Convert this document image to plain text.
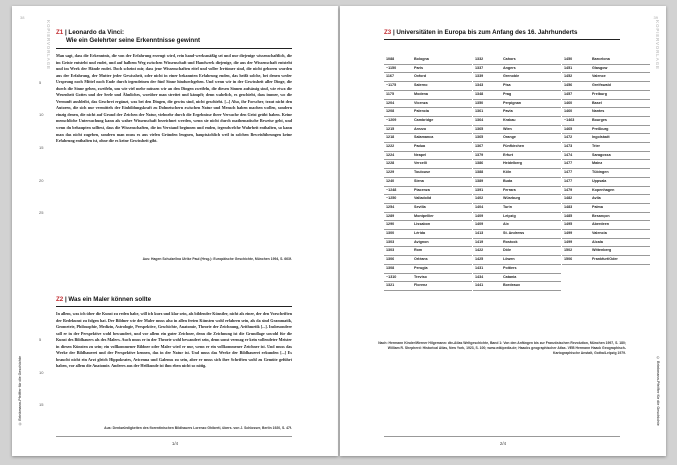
38
KOPIERVORLAGE
© Brinkmann-Pfeiffer für die Geschichte
Z1 | Leonardo da Vinci:
Wie ein Gelehrter seine Erkenntnisse gewinnt

Man sagt, dass die Erkenntnis, die von der Erfahrung erzeugt wird, rein hand-werksmäßig sei und nur diejenige wissenschaftlich, die im Geiste entsteht und endet, und auf halbem Weg zwischen Wissenschaft und Handwerk diejenige, die aus der Wissenschaft entsteht und im Werk der Hände endet. Doch scheint mir, dass jene Wissenschaften eitel und voller Irrtümer sind, die nicht geboren wurden aus der Erfahrung, der Mutter jeder Gewissheit, oder nicht in einer bekannten Erfahrung enden, das heißt solche, bei denen weder Ursprung noch Mittel noch Ende durch irgendeinen der fünf Sinne hindurchgehen. Und wenn wir in der Gewissheit aller Dinge, die durch die Sinne gehen, zweifeln, um wie viel mehr müssen wir an den Dingen zweifeln, die diesen Sinnen aufsässig sind, wie etwa die Wesenheit Gottes und der Seele und Ähnliches, worüber man streitet und kämpft; denn wahrlich, es geschieht, dass immer, wo die Vernunft ausbleibt, das Geschrei ergänzt, was bei den Dingen, die gewiss sind, nicht geschieht. [...] Also, ihr Forscher, traut nicht den Autoren, die sich nur vermittels der Einbildungskraft zu Dolmetschern zwischen Natur und Mensch haben machen wollen, sondern einzig denen, die nicht auf Grund der Zeichen der Natur, vielmehr durch die Ergebnisse ihrer Versuche den Geist geübt haben. Keine menschliche Untersuchung kann als wahre Wissenschaft bezeichnet werden, wenn sie nicht durch mathematische Beweise geht, und wenn du behaupten solltest, dass die Wissenschaften, die im Verstand beginnen und enden, irgendwelche Wahrheit enthalten, so kann man das nicht zugeben, sondern man muss es aus vielen Gründen leugnen, hauptsächlich weil in solchen Beweisführungen keine Erfahrung enthalten ist, ohne die es keine Gewissheit gibt.

5
10
15
20
25
Aus: Hagen Schulze/Ina Ulrike Paul (Hrsg.): Europäische Geschichte, München 1994, S. 663f.
Z2 | Was ein Maler können sollte

In allem, was ich über die Kunst zu reden habe, will ich kurz und klar sein, als bildender Künstler, nicht als einer, der den Vorschriften der Redekunst zu folgen hat. Der Bildner wie der Maler muss also in allen freien Künsten wohl erfahren sein, als da sind Grammatik, Geometrie, Philosophie, Medizin, Astrologie, Perspektive, Geschichte, Anatomie, Theorie der Zeichnung, Arithmetik [...]. Insbesondere soll er in der Perspektive wohl bewandert, und vor allem ein guter Zeichner, denn die Zeichnung ist die Grundlage sowohl für die Kunst des Bildhauers als des Malers. Auch muss er in der Theorie wohl bewandert sein, denn sonst vermag er kein vollendeter Meister in diesen Künsten zu sein; ein vollkommener Bildner oder Maler wird er nur, wenn er ein vollkommener Zeichner ist. Und muss das Werke der Bildhauerei und der Perspektive kennen, das in der Natur ist. Und muss das Werke der Bildhauerei erkunden [...] Es braucht nicht ein Arzt gleich Hippokrates, Avicenna und Galenus zu sein, aber er muss sich ihre Schriften wohl zu Gemüte geführt haben, vor allem die Anatomie. Anderes aus der Heilkunde ist ihm eben nicht so nötig.

5
10
15
Aus: Denkwürdigkeiten des florentinischen Bildhauers Lorenzo Ghiberti, übers. von J. Schlosser, Berlin 1920, S. 47f.
1/4
39
KOPIERVORLAGE
© Brinkmann-Pfeiffer für die Geschichte
Z3 | Universitäten in Europa bis zum Anfang des 16. Jahrhunderts
1088	Bologna
~1150	Paris
1167	Oxford
~1175	Salerno
1175	Modena
1204	Vicenza
1208	Palencia
~1209	Cambridge
1215	Arezzo
1218	Salamanca
1222	Padua
1224	Neapel
1228	Vercelli
1229	Toulouse
1240	Siena
~1248	Piacenza
~1250	Valladolid
1254	Sevilla
1289	Montpellier
1290	Lissabon
1300	Lérida
1303	Avignon
1303	Rom
1306	Orléans
1308	Perugia
~1310	Treviso
1321	Florenz
1332	Cahors
1337	Angers
1339	Grenoble
1343	Pisa
1348	Prag
1350	Perpignan
1361	Pavia
1364	Krakau
1365	Wien
1365	Orange
1367	Fünfkirchen
1379	Erfurt
1386	Heidelberg
1388	Köln
1389	Buda
1391	Ferrara
1402	Würzburg
1404	Turin
1409	Leipzig
1409	Aix
1413	St. Andrews
1419	Rostock
1422	Dôle
1425	Löwen
1431	Poitiers
1434	Catania
1441	Bordeaux
1450	Barcelona
1451	Glasgow
1452	Valence
1456	Greifswald
1457	Freiburg
1460	Basel
1460	Nantes
~1463	Bourges
1465	Preßburg
1472	Ingolstadt
1473	Trier
1474	Saragossa
1477	Mainz
1477	Tübingen
1477	Uppsala
1479	Kopenhagen
1482	Avila
1483	Palma
1485	Besançon
1495	Aberdeen
1499	Valencia
1499	Alcala
1502	Wittenberg
1506	Frankfurt/Oder
Nach: Hermann Kinder/Werner Hilgemann: dtv-Atlas Weltgeschichte, Band 1: Von den Anfängen bis zur Französischen Revolution, München 1997, S. 180; William R. Shepherd: Historical Atlas, New York, 1923, S. 100; www.wikipedia.de; Haacks geographischer Atlas. VEB Hermann Haack Geographisch-Kartographische Anstalt, Gotha/Leipzig 1979.
2/4
